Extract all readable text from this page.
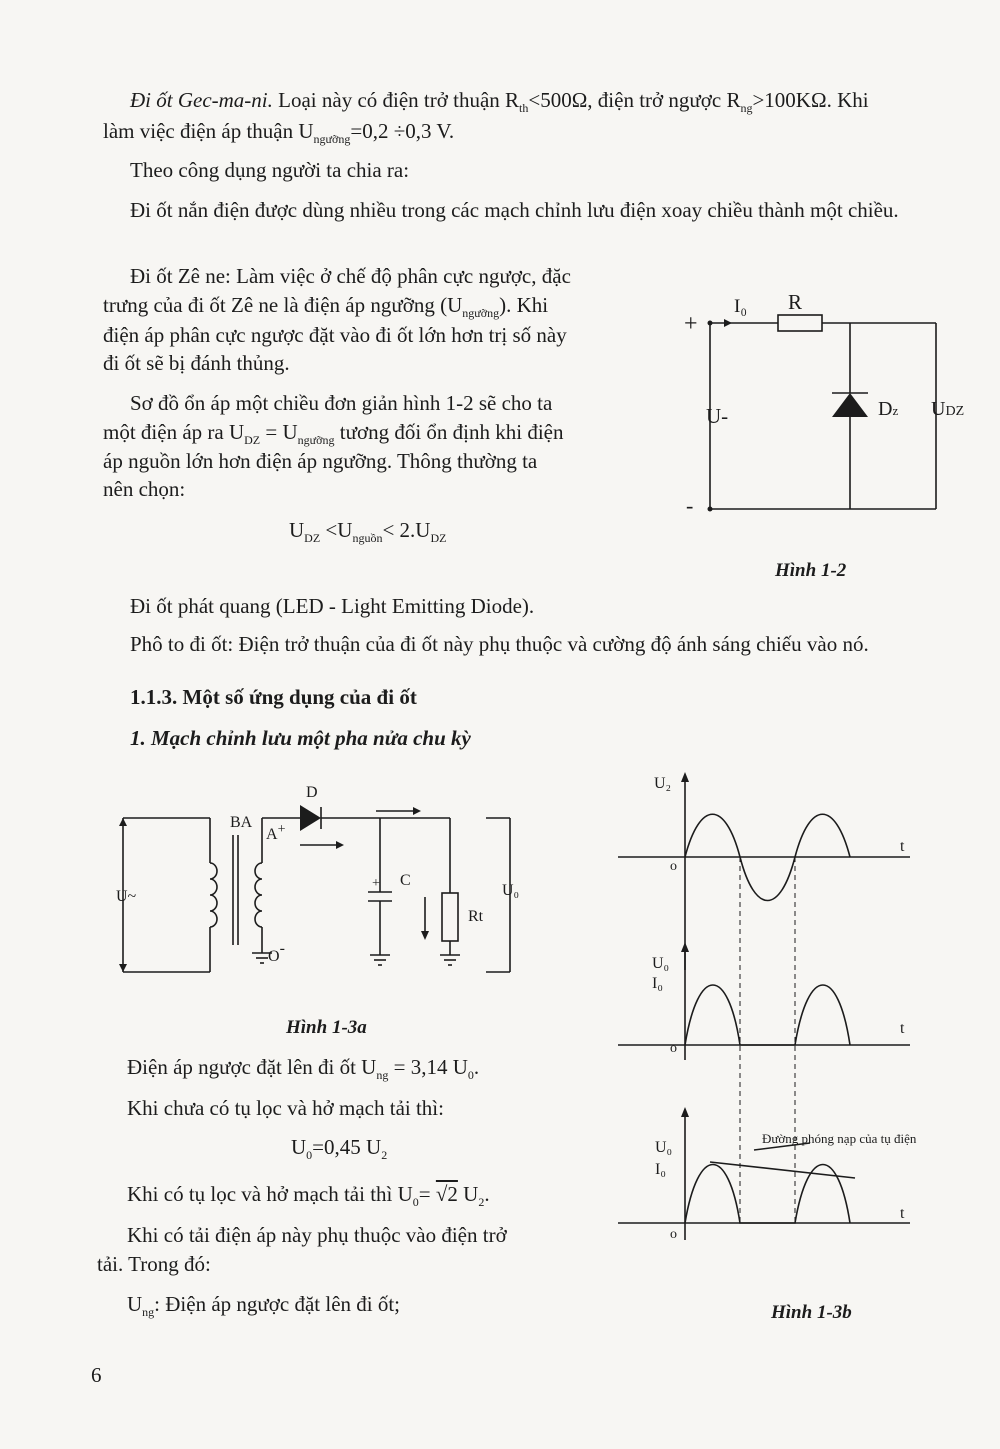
Đi ốt Gec-ma-ni. Loại này có điện trở thuận $R_{th}<500\Omega$, điện trở ngược $R_{ng}>100K\Omega$. Khi
làm việc điện áp thuận $U_{ngưỡng}=0,2 \div 0,3$ V.
Theo công dụng người ta chia ra:
Đi ốt nắn điện được dùng nhiều trong các mạch chỉnh lưu điện xoay chiều thành một chiều.
Đi ốt Zê ne: Làm việc ở chế độ phân cực ngược, đặc
trưng của đi ốt Zê ne là điện áp ngưỡng $(U_{ngưỡng})$. Khi
điện áp phân cực ngược đặt vào đi ốt lớn hơn trị số này
đi ốt sẽ bị đánh thủng.
Sơ đồ ổn áp một chiều đơn giản hình 1-2 sẽ cho ta
một điện áp ra $U_{DZ} = U_{ngưỡng}$ tương đối ổn định khi điện
áp nguồn lớn hơn điện áp ngưỡng. Thông thường ta
nên chọn:
$U_{DZ} <U_{nguồn}< 2.U_{DZ}$
Đi ốt phát quang (LED - Light Emitting Diode).
Phô to đi ốt: Điện trở thuận của đi ốt này phụ thuộc và cường độ ánh sáng chiếu vào nó.
1.1.3. Một số ứng dụng của đi ốt
1. Mạch chỉnh lưu một pha nửa chu kỳ
Điện áp ngược đặt lên đi ốt $U_{ng} = 3,14$ $U_0$.
Khi chưa có tụ lọc và hở mạch tải thì:
$U_0=0,45$ $U_2$
Khi có tụ lọc và hở mạch tải thì $U_0= √2$ $U_2$.
Khi có tải điện áp này phụ thuộc vào điện trở
tải. Trong đó:
$U_{ng}$: Điện áp ngược đặt lên đi ốt;
6
+
I₀ R
U-
-
Dz UDZ
Hình 1-2
BA
A+
D
C
+
Rt
U₀
U~
O-
Hình 1-3a
U₂
t
o
U₀
I₀
t
o
U₀
I₀
t
o
Đường phóng nạp của tụ điện
Hình 1-3b
